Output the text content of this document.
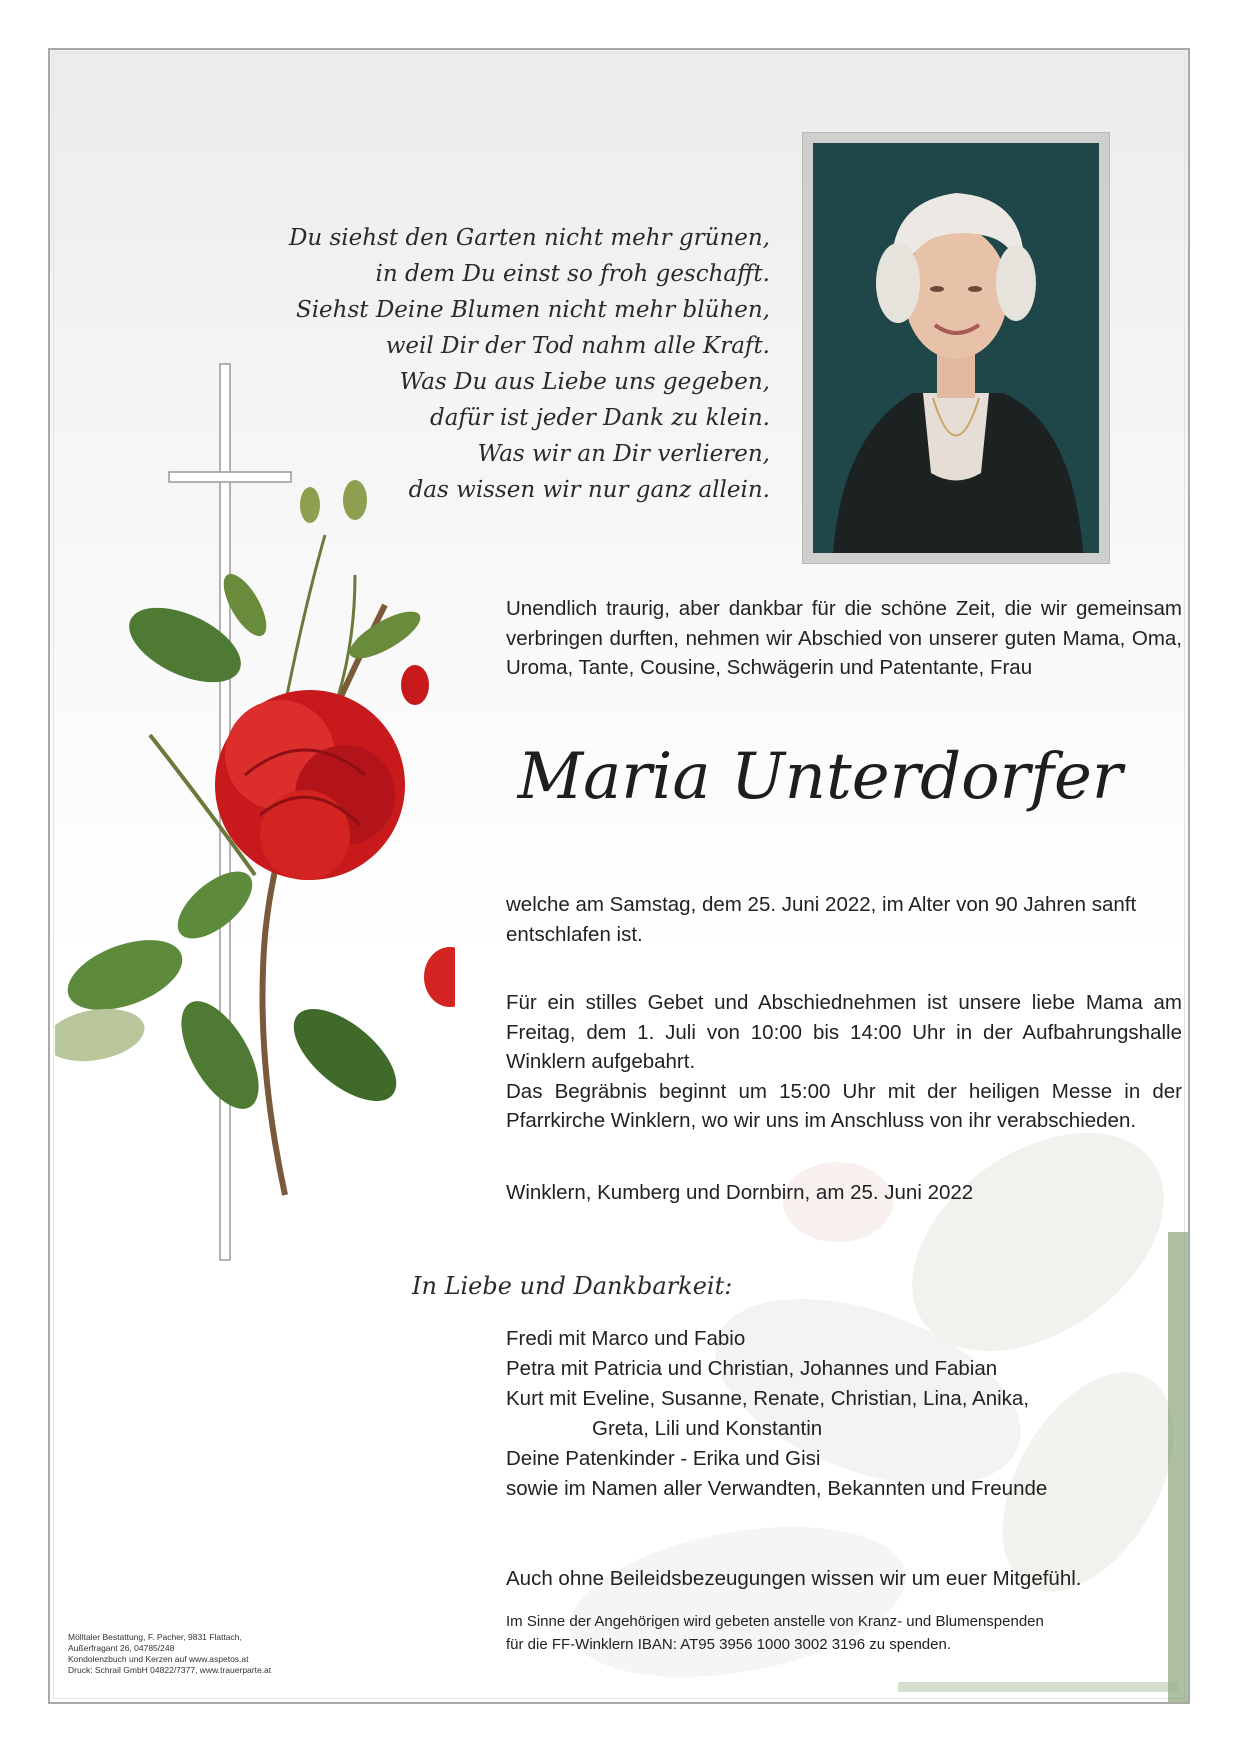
Du siehst den Garten nicht mehr grünen,
in dem Du einst so froh geschafft.
Siehst Deine Blumen nicht mehr blühen,
weil Dir der Tod nahm alle Kraft.
Was Du aus Liebe uns gegeben,
dafür ist jeder Dank zu klein.
Was wir an Dir verlieren,
das wissen wir nur ganz allein.
Unendlich traurig, aber dankbar für die schöne Zeit, die wir gemeinsam verbringen durften, nehmen wir Abschied von unserer guten Mama, Oma, Uroma, Tante, Cousine, Schwägerin und Patentante, Frau
Maria Unterdorfer
welche am Samstag, dem 25. Juni 2022, im Alter von 90 Jahren sanft entschlafen ist.

Für ein stilles Gebet und Abschiednehmen ist unsere liebe Mama am Freitag, dem 1. Juli von 10:00 bis 14:00 Uhr in der Aufbahrungshalle Winklern aufgebahrt.

Das Begräbnis beginnt um 15:00 Uhr mit der heiligen Messe in der Pfarrkirche Winklern, wo wir uns im Anschluss von ihr verabschieden.

Winklern, Kumberg und Dornbirn, am 25. Juni 2022
In Liebe und Dankbarkeit:
Fredi mit Marco und Fabio
Petra mit Patricia und Christian, Johannes und Fabian
Kurt mit Eveline, Susanne, Renate, Christian, Lina, Anika,
Greta, Lili und Konstantin
Deine Patenkinder - Erika und Gisi
sowie im Namen aller Verwandten, Bekannten und Freunde
Auch ohne Beileidsbezeugungen wissen wir um euer Mitgefühl.
Im Sinne der Angehörigen wird gebeten anstelle von Kranz- und Blumenspenden
für die FF-Winklern IBAN: AT95 3956 1000 3002 3196 zu spenden.
Mölltaler Bestattung, F. Pacher, 9831 Flattach,
Außerfragant 26, 04785/248
Kondolenzbuch und Kerzen auf www.aspetos.at
Druck: Schrail GmbH 04822/7377, www.trauerparte.at
